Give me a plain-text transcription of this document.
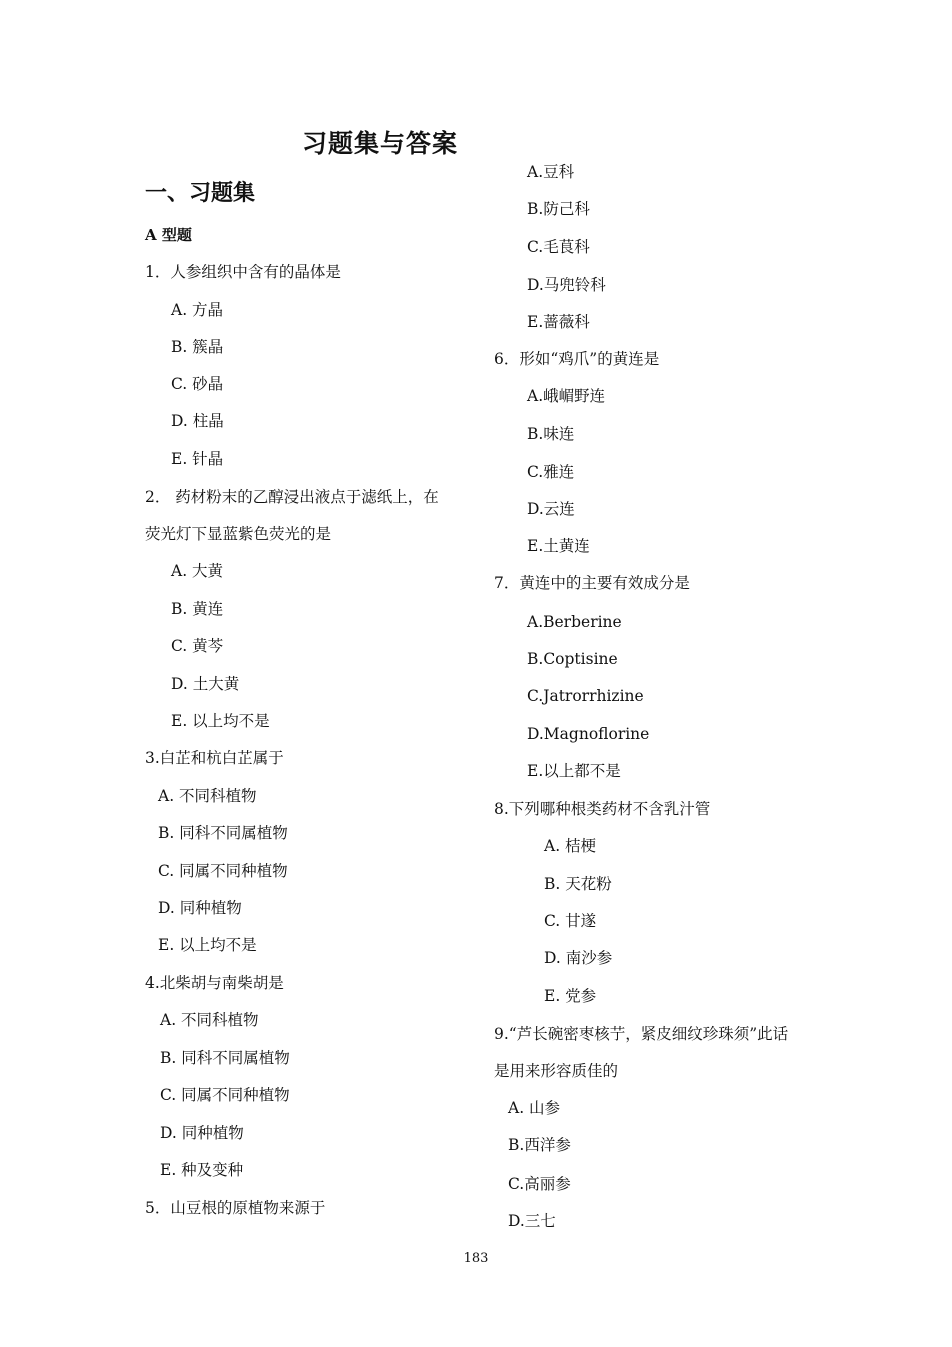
习题集与答案
一、习题集
A 型题
1．人参组织中含有的晶体是
A. 方晶
B. 簇晶
C. 砂晶
D. 柱晶
E. 针晶
2． 药材粉末的乙醇浸出液点于滤纸上，在
荧光灯下显蓝紫色荧光的是
A. 大黄
B. 黄连
C. 黄芩
D. 土大黄
E. 以上均不是
3.白芷和杭白芷属于
A. 不同科植物
B. 同科不同属植物
C. 同属不同种植物
D. 同种植物
E. 以上均不是
4.北柴胡与南柴胡是
A. 不同科植物
B. 同科不同属植物
C. 同属不同种植物
D. 同种植物
E. 种及变种
5．山豆根的原植物来源于
A.豆科
B.防己科
C.毛茛科
D.马兜铃科
E.蔷薇科
6．形如“鸡爪”的黄连是
A.峨嵋野连
B.味连
C.雅连
D.云连
E.土黄连
7．黄连中的主要有效成分是
A.Berberine
B.Coptisine
C.Jatrorrhizine
D.Magnoflorine
E.以上都不是
8.下列哪种根类药材不含乳汁管
A. 桔梗
B. 天花粉
C. 甘遂
D. 南沙参
E. 党参
9.“芦长碗密枣核艼，紧皮细纹珍珠须”此话
是用来形容质佳的
A. 山参
B.西洋参
C.高丽参
D.三七
183
